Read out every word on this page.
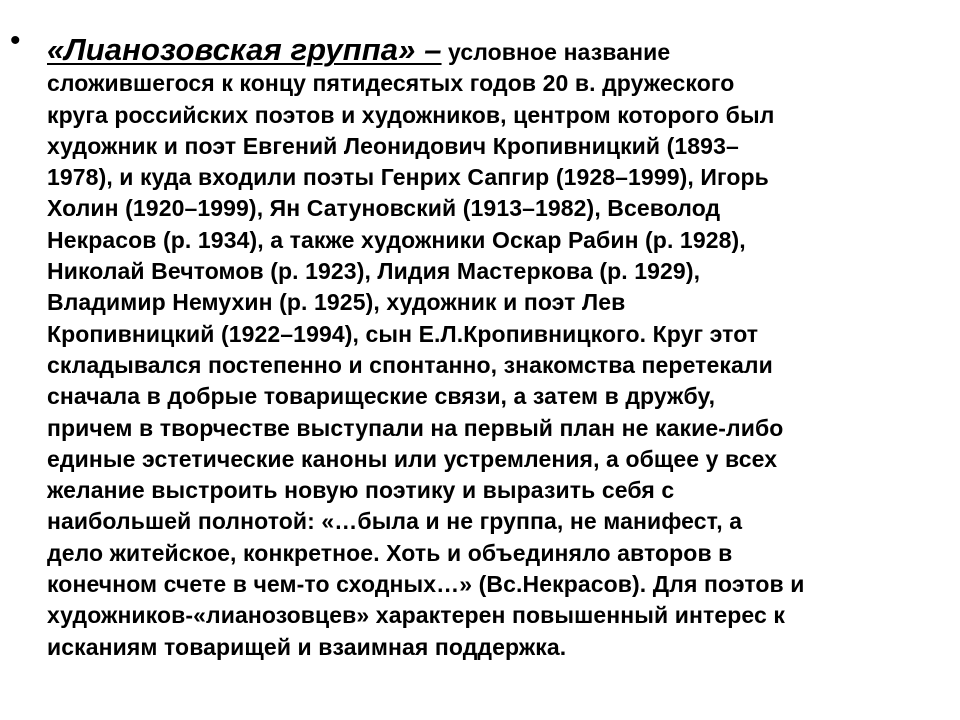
• «Лианозовская группа» – условное название
сложившегося к концу пятидесятых годов 20 в. дружеского
круга российских поэтов и художников, центром которого был
художник и поэт Евгений Леонидович Кропивницкий (1893–
1978), и куда входили поэты Генрих Сапгир (1928–1999), Игорь
Холин (1920–1999), Ян Сатуновский (1913–1982), Всеволод
Некрасов (р. 1934), а также художники Оскар Рабин (р. 1928),
Николай Вечтомов (р. 1923), Лидия Мастеркова (р. 1929),
Владимир Немухин (р. 1925), художник и поэт Лев
Кропивницкий (1922–1994), сын Е.Л.Кропивницкого. Круг этот
складывался постепенно и спонтанно, знакомства перетекали
сначала в добрые товарищеские связи, а затем в дружбу,
причем в творчестве выступали на первый план не какие-либо
единые эстетические каноны или устремления, а общее у всех
желание выстроить новую поэтику и выразить себя с
наибольшей полнотой: «…была и не группа, не манифест, а
дело житейское, конкретное. Хоть и объединяло авторов в
конечном счете в чем-то сходных…» (Вс.Некрасов). Для поэтов и
художников-«лианозовцев» характерен повышенный интерес к
исканиям товарищей и взаимная поддержка.
